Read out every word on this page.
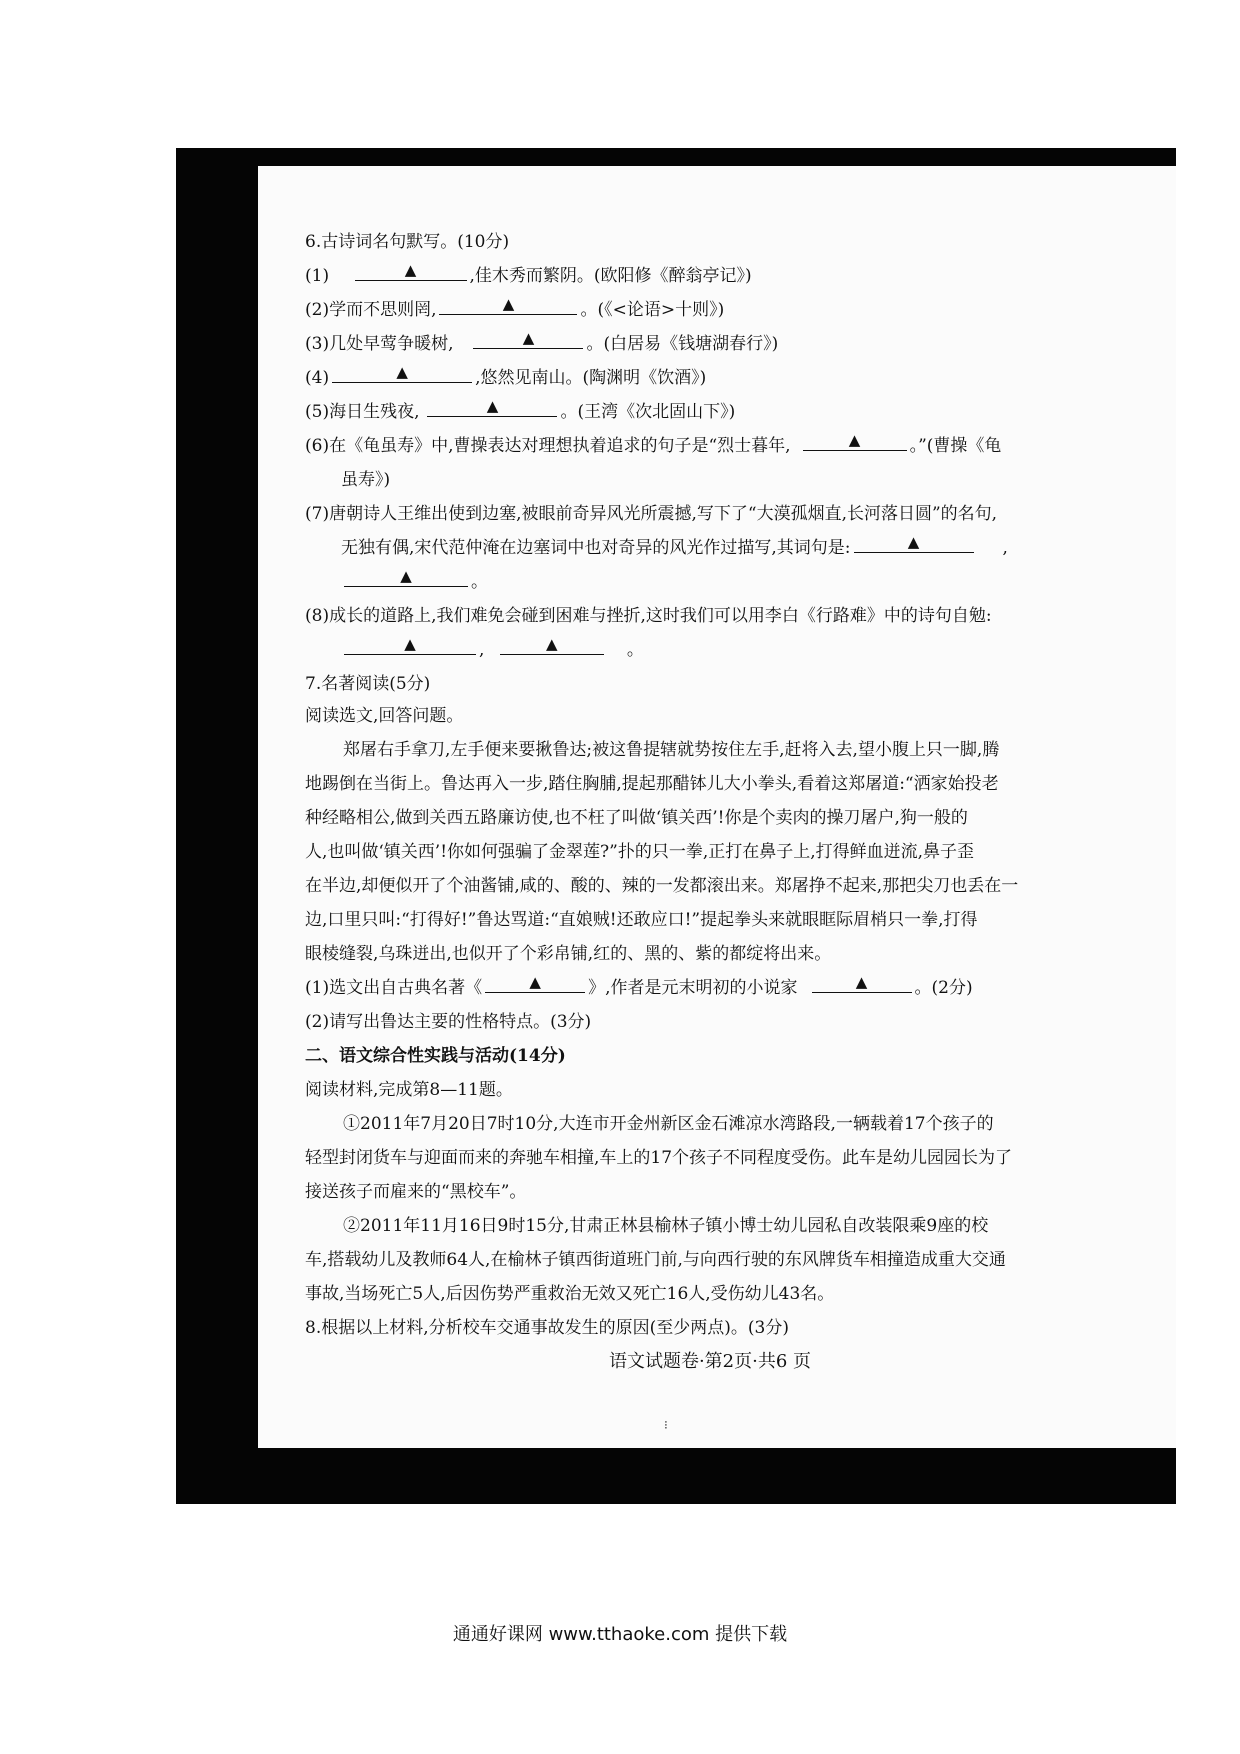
6.古诗词名句默写。(10分)
(1)	▲	,佳木秀而繁阴。(欧阳修《醉翁亭记》)
(2)学而不思则罔,	▲	。(《<论语>十则》)
(3)几处早莺争暖树,	▲	。(白居易《钱塘湖春行》)
(4)	▲	,悠然见南山。(陶渊明《饮酒》)
(5)海日生残夜,	▲	。(王湾《次北固山下》)
(6)在《龟虽寿》中,曹操表达对理想执着追求的句子是“烈士暮年,	▲	。”(曹操《龟
虽寿》)
(7)唐朝诗人王维出使到边塞,被眼前奇异风光所震撼,写下了“大漠孤烟直,长河落日圆”的名句,
无独有偶,宋代范仲淹在边塞词中也对奇异的风光作过描写,其词句是:	▲	,
▲	。
(8)成长的道路上,我们难免会碰到困难与挫折,这时我们可以用李白《行路难》中的诗句自勉:
▲	,	▲	。
7.名著阅读(5分)
阅读选文,回答问题。
郑屠右手拿刀,左手便来要揪鲁达;被这鲁提辖就势按住左手,赶将入去,望小腹上只一脚,腾
地踢倒在当街上。鲁达再入一步,踏住胸脯,提起那醋钵儿大小拳头,看着这郑屠道:“洒家始投老
种经略相公,做到关西五路廉访使,也不枉了叫做‘镇关西’!你是个卖肉的操刀屠户,狗一般的
人,也叫做‘镇关西’!你如何强骗了金翠莲?”扑的只一拳,正打在鼻子上,打得鲜血迸流,鼻子歪
在半边,却便似开了个油酱铺,咸的、酸的、辣的一发都滚出来。郑屠挣不起来,那把尖刀也丢在一
边,口里只叫:“打得好!”鲁达骂道:“直娘贼!还敢应口!”提起拳头来就眼眶际眉梢只一拳,打得
眼棱缝裂,乌珠迸出,也似开了个彩帛铺,红的、黑的、紫的都绽将出来。
(1)选文出自古典名著《	▲	》,作者是元末明初的小说家	▲	。(2分)
(2)请写出鲁达主要的性格特点。(3分)
二、语文综合性实践与活动(14分)
阅读材料,完成第8—11题。
①2011年7月20日7时10分,大连市开金州新区金石滩凉水湾路段,一辆载着17个孩子的
轻型封闭货车与迎面而来的奔驰车相撞,车上的17个孩子不同程度受伤。此车是幼儿园园长为了
接送孩子而雇来的“黑校车”。
②2011年11月16日9时15分,甘肃正林县榆林子镇小博士幼儿园私自改装限乘9座的校
车,搭载幼儿及教师64人,在榆林子镇西街道班门前,与向西行驶的东风牌货车相撞造成重大交通
事故,当场死亡5人,后因伤势严重救治无效又死亡16人,受伤幼儿43名。
8.根据以上材料,分析校车交通事故发生的原因(至少两点)。(3分)
语文试题卷·第2页·共6 页
⁝
通通好课网 www.tthaoke.com 提供下载
